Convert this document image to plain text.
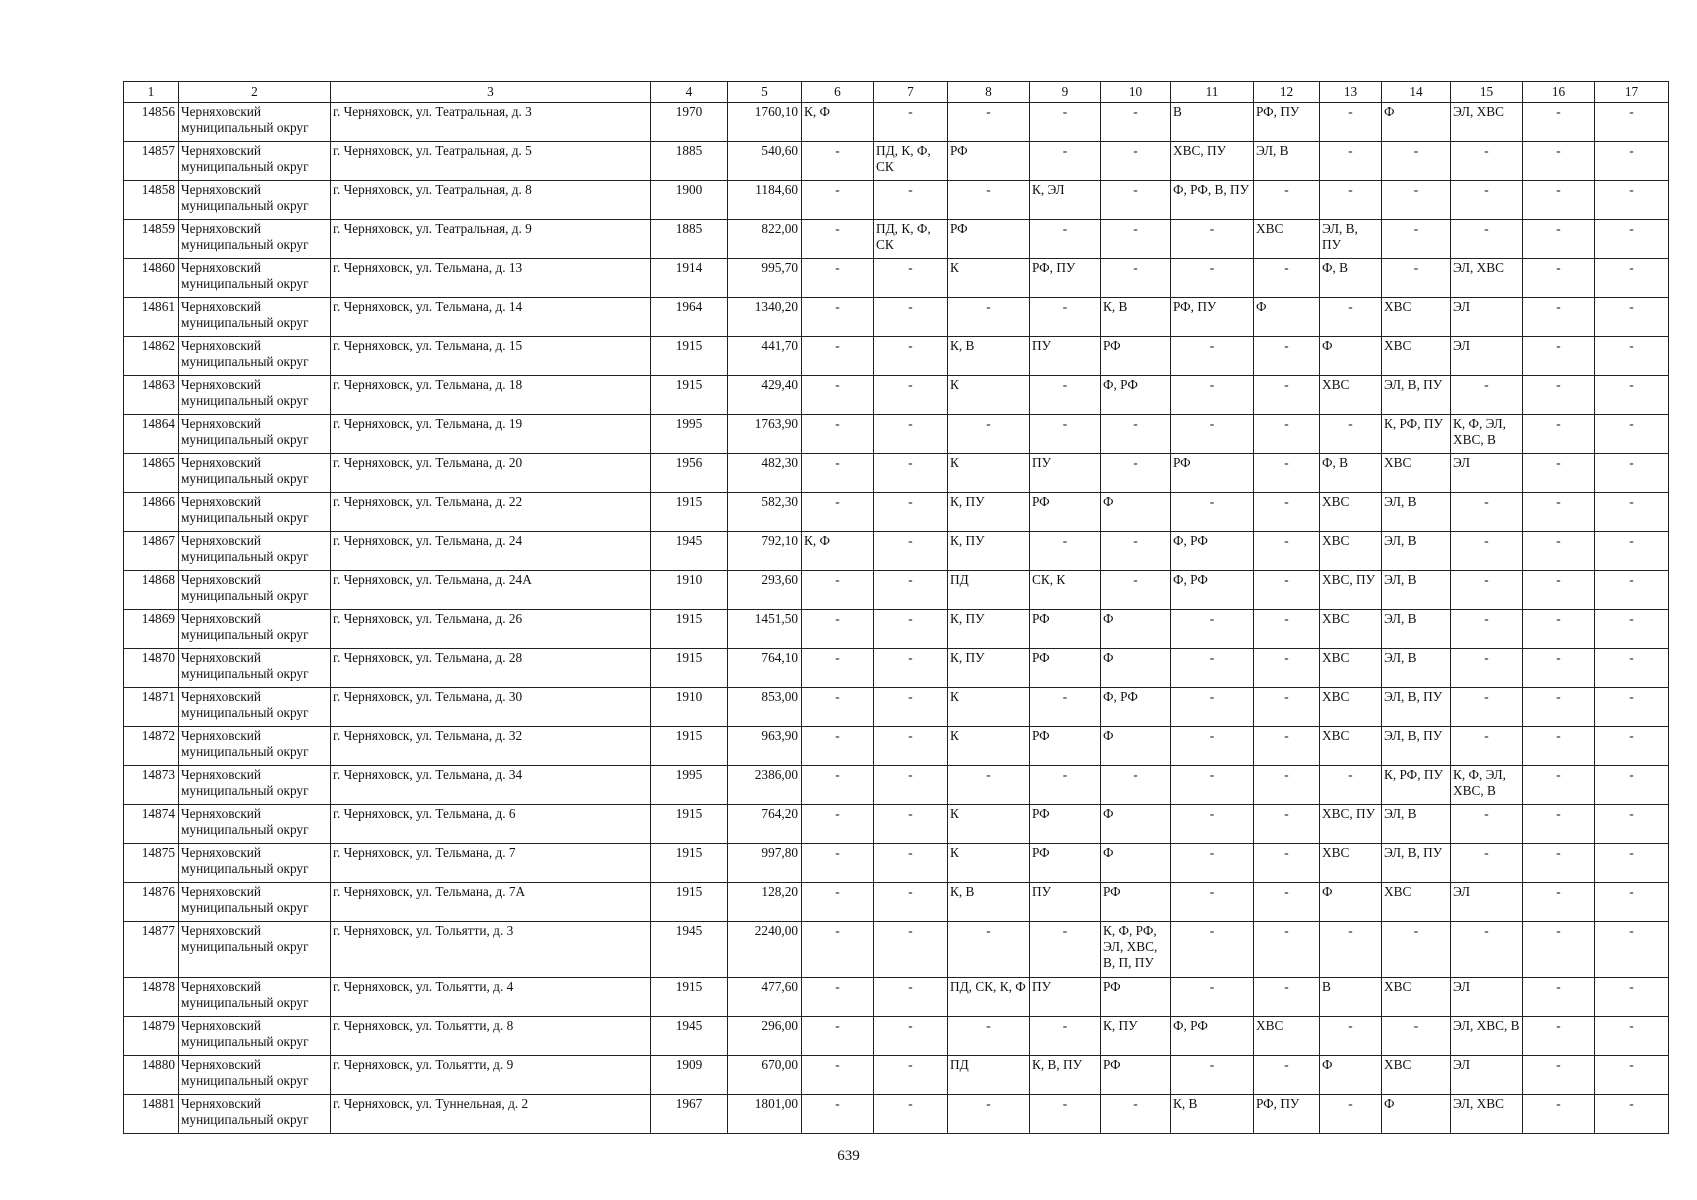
1	2	3	4	5	6	7	8	9	10	11	12	13	14	15	16	17
14856	Черняховский муниципальный округ	г. Черняховск, ул. Театральная, д. 3	1970	1760,10	К, Ф	-	-	-	-	В	РФ, ПУ	-	Ф	ЭЛ, ХВС	-	-
14857	Черняховский муниципальный округ	г. Черняховск, ул. Театральная, д. 5	1885	540,60	-	ПД, К, Ф, СК	РФ	-	-	ХВС, ПУ	ЭЛ, В	-	-	-	-	-
14858	Черняховский муниципальный округ	г. Черняховск, ул. Театральная, д. 8	1900	1184,60	-	-	-	К, ЭЛ	-	Ф, РФ, В, ПУ	-	-	-	-	-	-
14859	Черняховский муниципальный округ	г. Черняховск, ул. Театральная, д. 9	1885	822,00	-	ПД, К, Ф, СК	РФ	-	-	-	ХВС	ЭЛ, В, ПУ	-	-	-	-
14860	Черняховский муниципальный округ	г. Черняховск, ул. Тельмана, д. 13	1914	995,70	-	-	К	РФ, ПУ	-	-	-	Ф, В	-	ЭЛ, ХВС	-	-
14861	Черняховский муниципальный округ	г. Черняховск, ул. Тельмана, д. 14	1964	1340,20	-	-	-	-	К, В	РФ, ПУ	Ф	-	ХВС	ЭЛ	-	-
14862	Черняховский муниципальный округ	г. Черняховск, ул. Тельмана, д. 15	1915	441,70	-	-	К, В	ПУ	РФ	-	-	Ф	ХВС	ЭЛ	-	-
14863	Черняховский муниципальный округ	г. Черняховск, ул. Тельмана, д. 18	1915	429,40	-	-	К	-	Ф, РФ	-	-	ХВС	ЭЛ, В, ПУ	-	-	-
14864	Черняховский муниципальный округ	г. Черняховск, ул. Тельмана, д. 19	1995	1763,90	-	-	-	-	-	-	-	-	К, РФ, ПУ	К, Ф, ЭЛ, ХВС, В	-	-
14865	Черняховский муниципальный округ	г. Черняховск, ул. Тельмана, д. 20	1956	482,30	-	-	К	ПУ	-	РФ	-	Ф, В	ХВС	ЭЛ	-	-
14866	Черняховский муниципальный округ	г. Черняховск, ул. Тельмана, д. 22	1915	582,30	-	-	К, ПУ	РФ	Ф	-	-	ХВС	ЭЛ, В	-	-	-
14867	Черняховский муниципальный округ	г. Черняховск, ул. Тельмана, д. 24	1945	792,10	К, Ф	-	К, ПУ	-	-	Ф, РФ	-	ХВС	ЭЛ, В	-	-	-
14868	Черняховский муниципальный округ	г. Черняховск, ул. Тельмана, д. 24А	1910	293,60	-	-	ПД	СК, К	-	Ф, РФ	-	ХВС, ПУ	ЭЛ, В	-	-	-
14869	Черняховский муниципальный округ	г. Черняховск, ул. Тельмана, д. 26	1915	1451,50	-	-	К, ПУ	РФ	Ф	-	-	ХВС	ЭЛ, В	-	-	-
14870	Черняховский муниципальный округ	г. Черняховск, ул. Тельмана, д. 28	1915	764,10	-	-	К, ПУ	РФ	Ф	-	-	ХВС	ЭЛ, В	-	-	-
14871	Черняховский муниципальный округ	г. Черняховск, ул. Тельмана, д. 30	1910	853,00	-	-	К	-	Ф, РФ	-	-	ХВС	ЭЛ, В, ПУ	-	-	-
14872	Черняховский муниципальный округ	г. Черняховск, ул. Тельмана, д. 32	1915	963,90	-	-	К	РФ	Ф	-	-	ХВС	ЭЛ, В, ПУ	-	-	-
14873	Черняховский муниципальный округ	г. Черняховск, ул. Тельмана, д. 34	1995	2386,00	-	-	-	-	-	-	-	-	К, РФ, ПУ	К, Ф, ЭЛ, ХВС, В	-	-
14874	Черняховский муниципальный округ	г. Черняховск, ул. Тельмана, д. 6	1915	764,20	-	-	К	РФ	Ф	-	-	ХВС, ПУ	ЭЛ, В	-	-	-
14875	Черняховский муниципальный округ	г. Черняховск, ул. Тельмана, д. 7	1915	997,80	-	-	К	РФ	Ф	-	-	ХВС	ЭЛ, В, ПУ	-	-	-
14876	Черняховский муниципальный округ	г. Черняховск, ул. Тельмана, д. 7А	1915	128,20	-	-	К, В	ПУ	РФ	-	-	Ф	ХВС	ЭЛ	-	-
14877	Черняховский муниципальный округ	г. Черняховск, ул. Тольятти, д. 3	1945	2240,00	-	-	-	-	К, Ф, РФ, ЭЛ, ХВС, В, П, ПУ	-	-	-	-	-	-	-
14878	Черняховский муниципальный округ	г. Черняховск, ул. Тольятти, д. 4	1915	477,60	-	-	ПД, СК, К, Ф	ПУ	РФ	-	-	В	ХВС	ЭЛ	-	-
14879	Черняховский муниципальный округ	г. Черняховск, ул. Тольятти, д. 8	1945	296,00	-	-	-	-	К, ПУ	Ф, РФ	ХВС	-	-	ЭЛ, ХВС, В	-	-
14880	Черняховский муниципальный округ	г. Черняховск, ул. Тольятти, д. 9	1909	670,00	-	-	ПД	К, В, ПУ	РФ	-	-	Ф	ХВС	ЭЛ	-	-
14881	Черняховский муниципальный округ	г. Черняховск, ул. Туннельная, д. 2	1967	1801,00	-	-	-	-	-	К, В	РФ, ПУ	-	Ф	ЭЛ, ХВС	-	-
639
